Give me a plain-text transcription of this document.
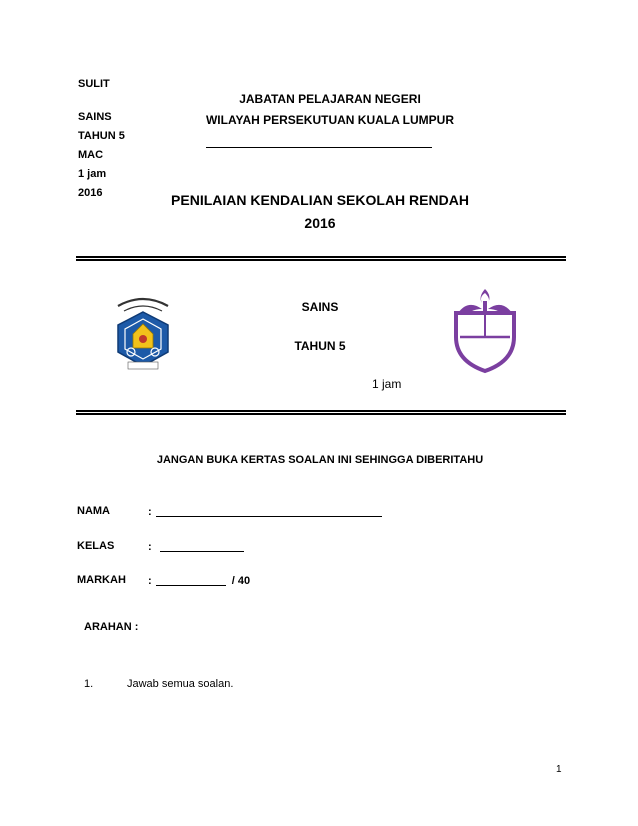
SULIT
SAINS
TAHUN 5
MAC
1 jam
2016
JABATAN PELAJARAN NEGERI
WILAYAH PERSEKUTUAN KUALA LUMPUR
PENILAIAN KENDALIAN SEKOLAH RENDAH
2016
SAINS
TAHUN 5
1 jam
JANGAN BUKA KERTAS SOALAN INI SEHINGGA DIBERITAHU
NAMA	:
KELAS	:
MARKAH :	/ 40
ARAHAN :
1.	Jawab semua soalan.
1
